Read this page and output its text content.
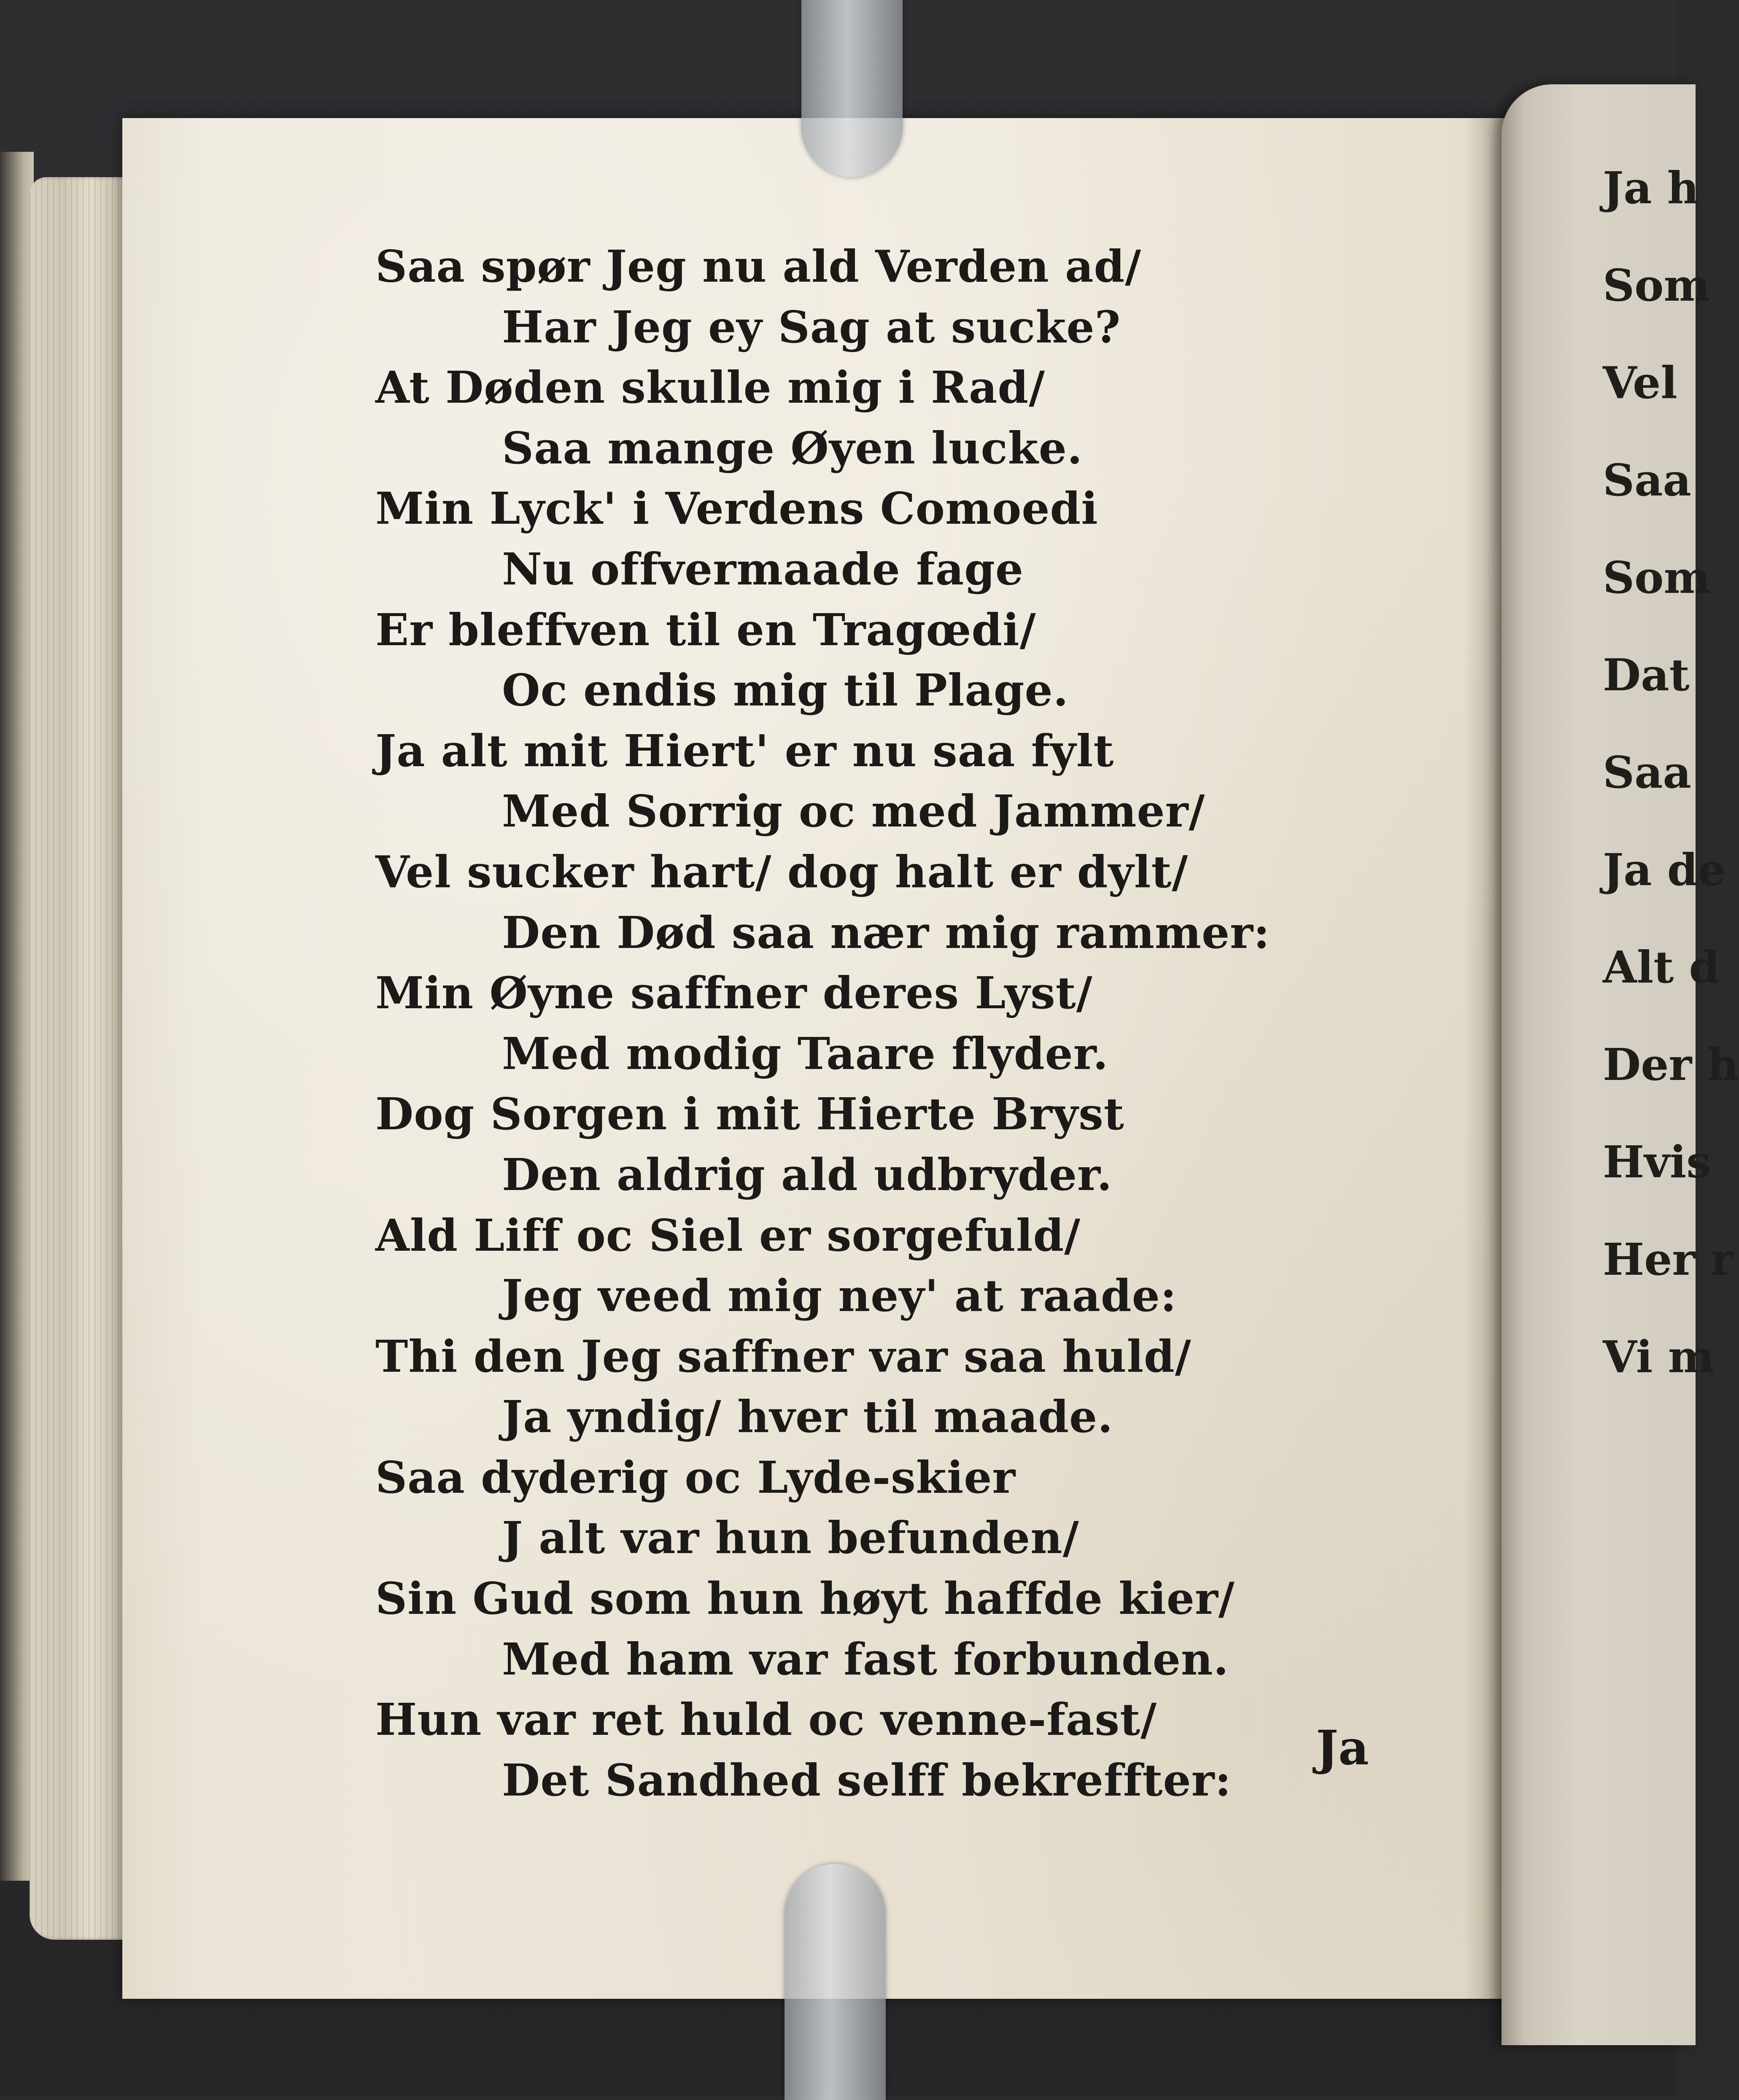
Saa spør Jeg nu ald Verden ad/
Har Jeg ey Sag at sucke?
At Døden skulle mig i Rad/
Saa mange Øyen lucke.
Min Lyck' i Verdens Comoedi
Nu offvermaade fage
Er bleffven til en Tragœdi/
Oc endis mig til Plage.
Ja alt mit Hiert' er nu saa fylt
Med Sorrig oc med Jammer/
Vel sucker hart/ dog halt er dylt/
Den Død saa nær mig rammer:
Min Øyne saffner deres Lyst/
Med modig Taare flyder.
Dog Sorgen i mit Hierte Bryst
Den aldrig ald udbryder.
Ald Liff oc Siel er sorgefuld/
Jeg veed mig ney' at raade:
Thi den Jeg saffner var saa huld/
Ja yndig/ hver til maade.
Saa dyderig oc Lyde-skier
J alt var hun befunden/
Sin Gud som hun høyt haffde kier/
Med ham var fast forbunden.
Hun var ret huld oc venne-fast/
Det Sandhed selff bekreffter:
Ja
Ja h
Som
Vel
Saa
Som
Dat
Saa
Ja de
Alt d
Der h
Hvis
Her r
Vi m
